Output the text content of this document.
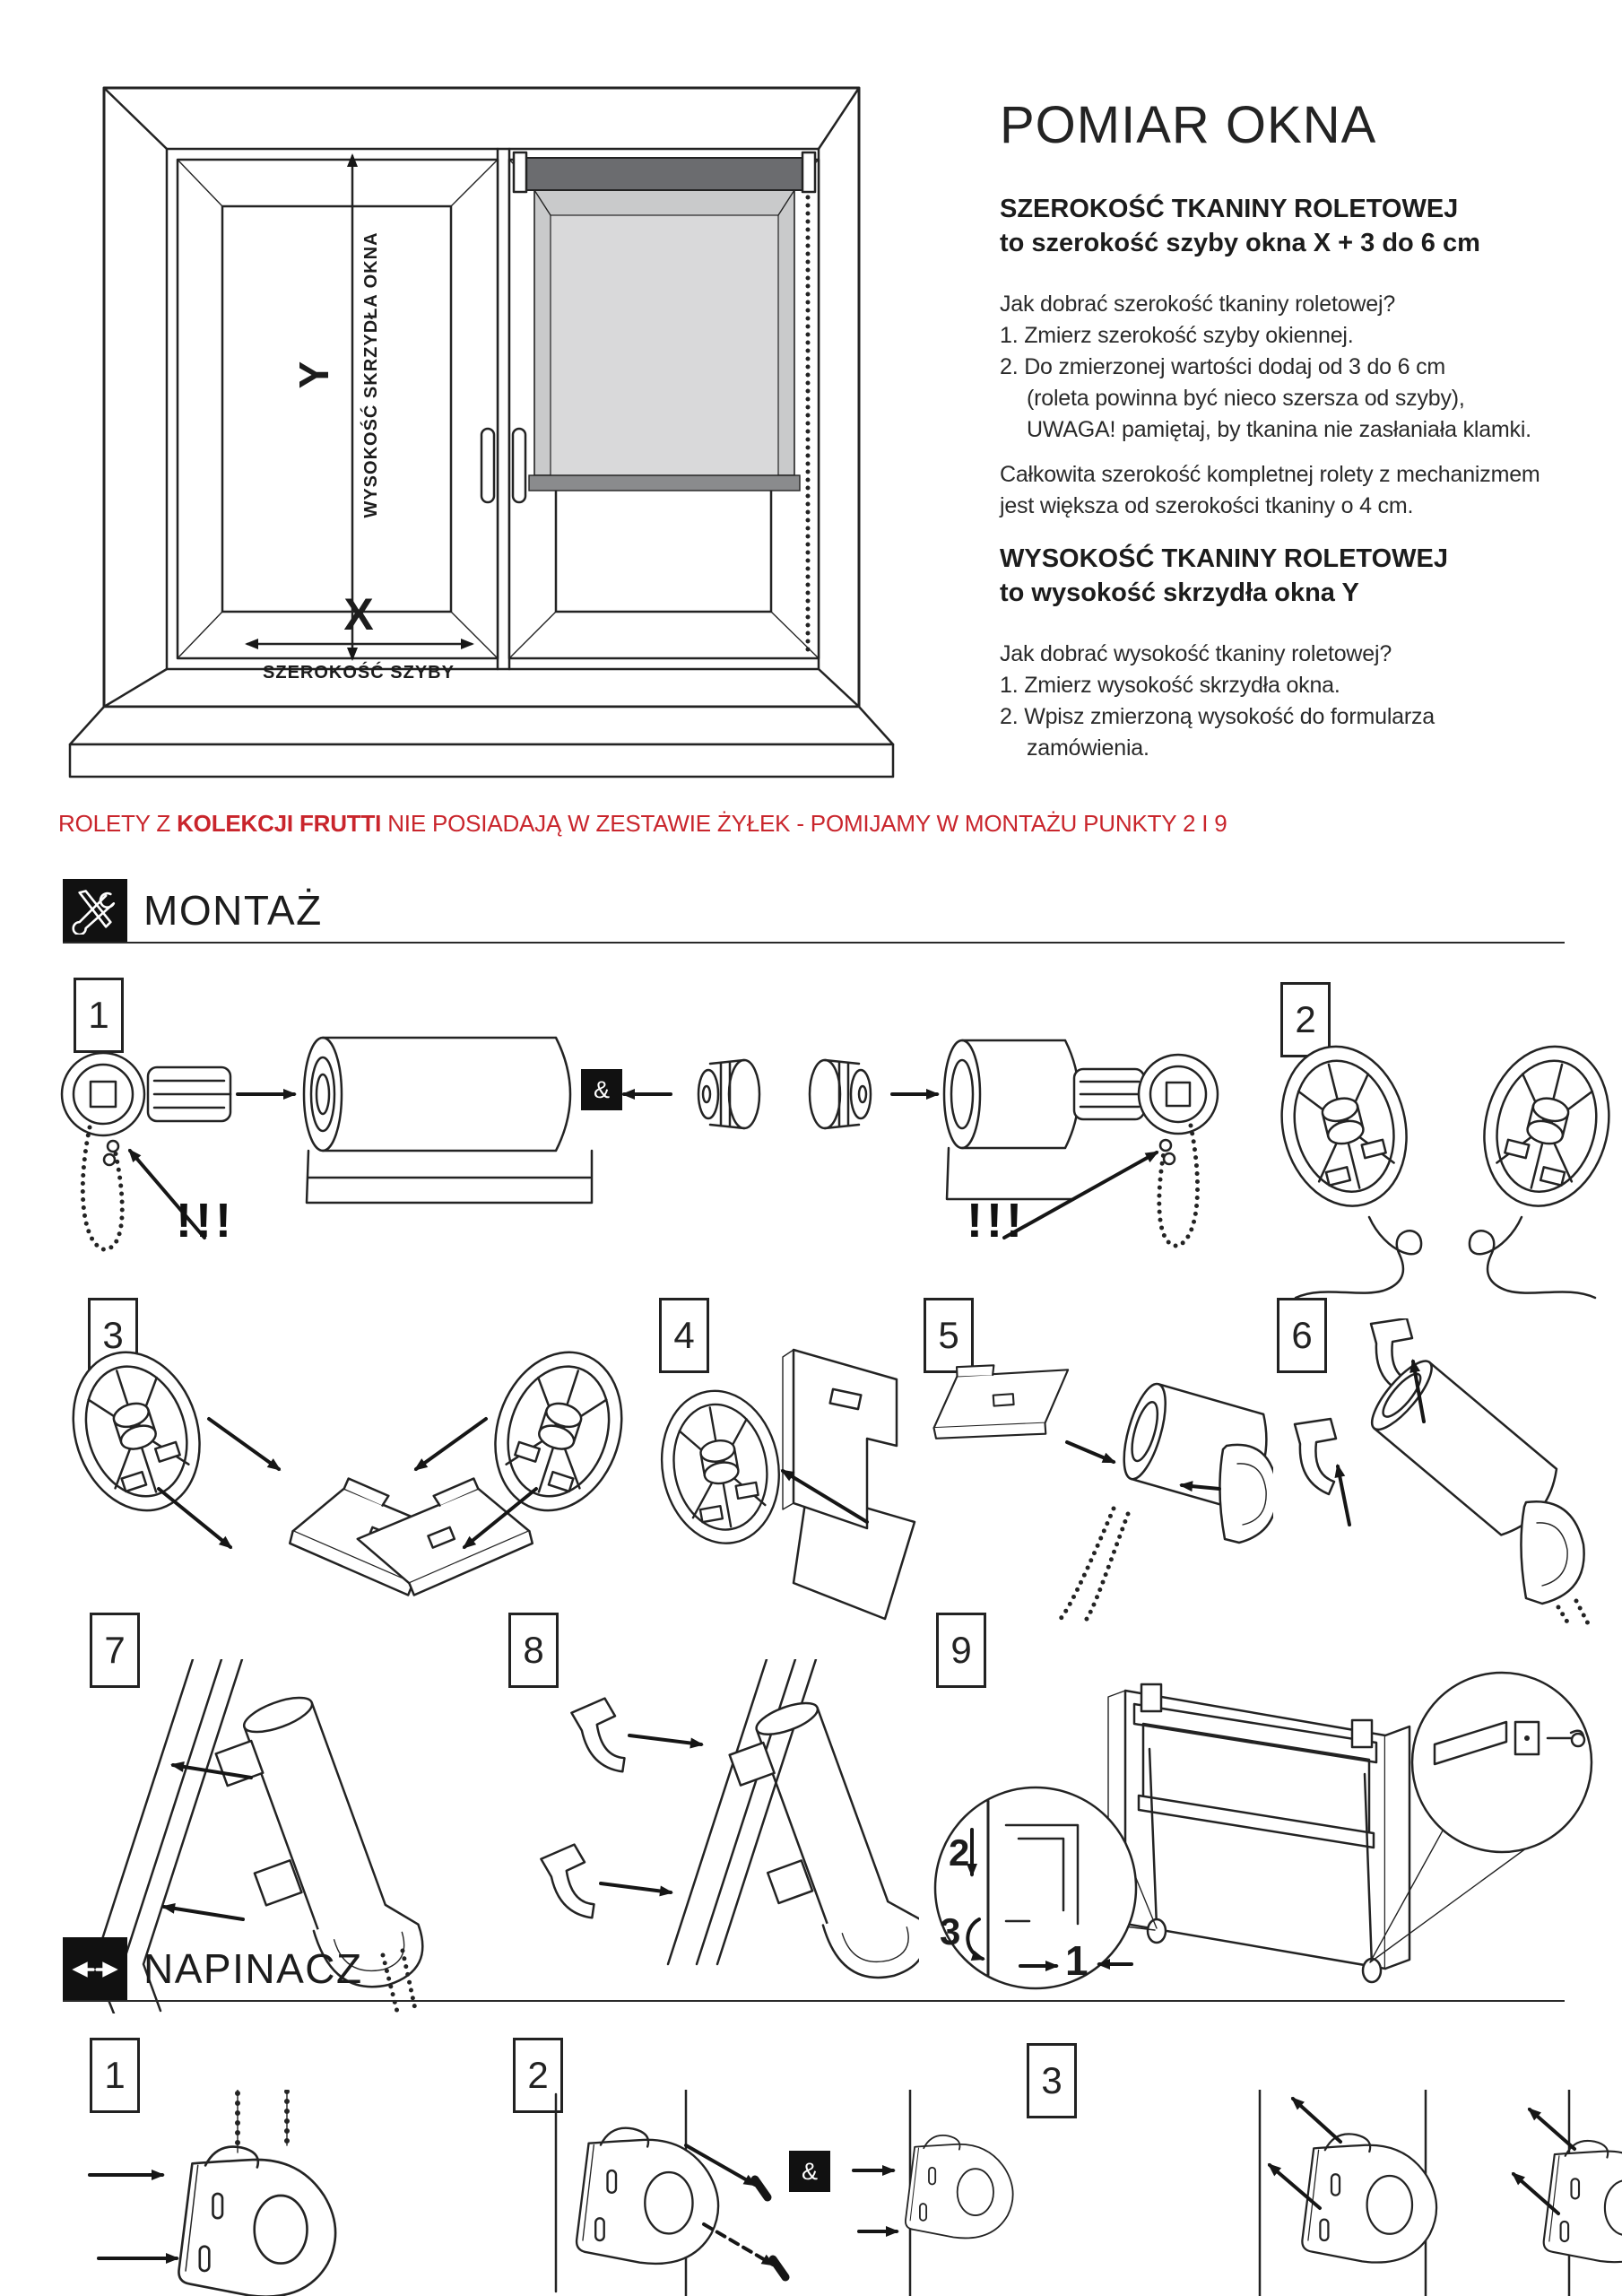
Y WYSOKOŚĆ SKRZYDŁA OKNA
X
SZEROKOŚĆ SZYBY
POMIAR OKNA
SZEROKOŚĆ TKANINY ROLETOWEJ
to szerokość szyby okna X + 3 do 6 cm
Jak dobrać szerokość tkaniny roletowej?
1. Zmierz szerokość szyby okiennej.
2. Do zmierzonej wartości dodaj od 3 do 6 cm
(roleta powinna być nieco szersza od szyby),
UWAGA! pamiętaj, by tkanina nie zasłaniała klamki.
Całkowita szerokość kompletnej rolety z mechanizmem
jest większa od szerokości tkaniny o 4 cm.
WYSOKOŚĆ TKANINY ROLETOWEJ
to wysokość skrzydła okna Y
Jak dobrać wysokość tkaniny roletowej?
1. Zmierz wysokość skrzydła okna.
2. Wpisz zmierzoną wysokość do formularza
zamówienia.
ROLETY Z KOLEKCJI FRUTTI NIE POSIADAJĄ W ZESTAWIE ŻYŁEK - POMIJAMY W MONTAŻU PUNKTY 2 I 9
MONTAŻ
1	2
3	4	5	6
7	8	9
&
!!!	!!!
2
3
1
NAPINACZ
1	2	3
&
